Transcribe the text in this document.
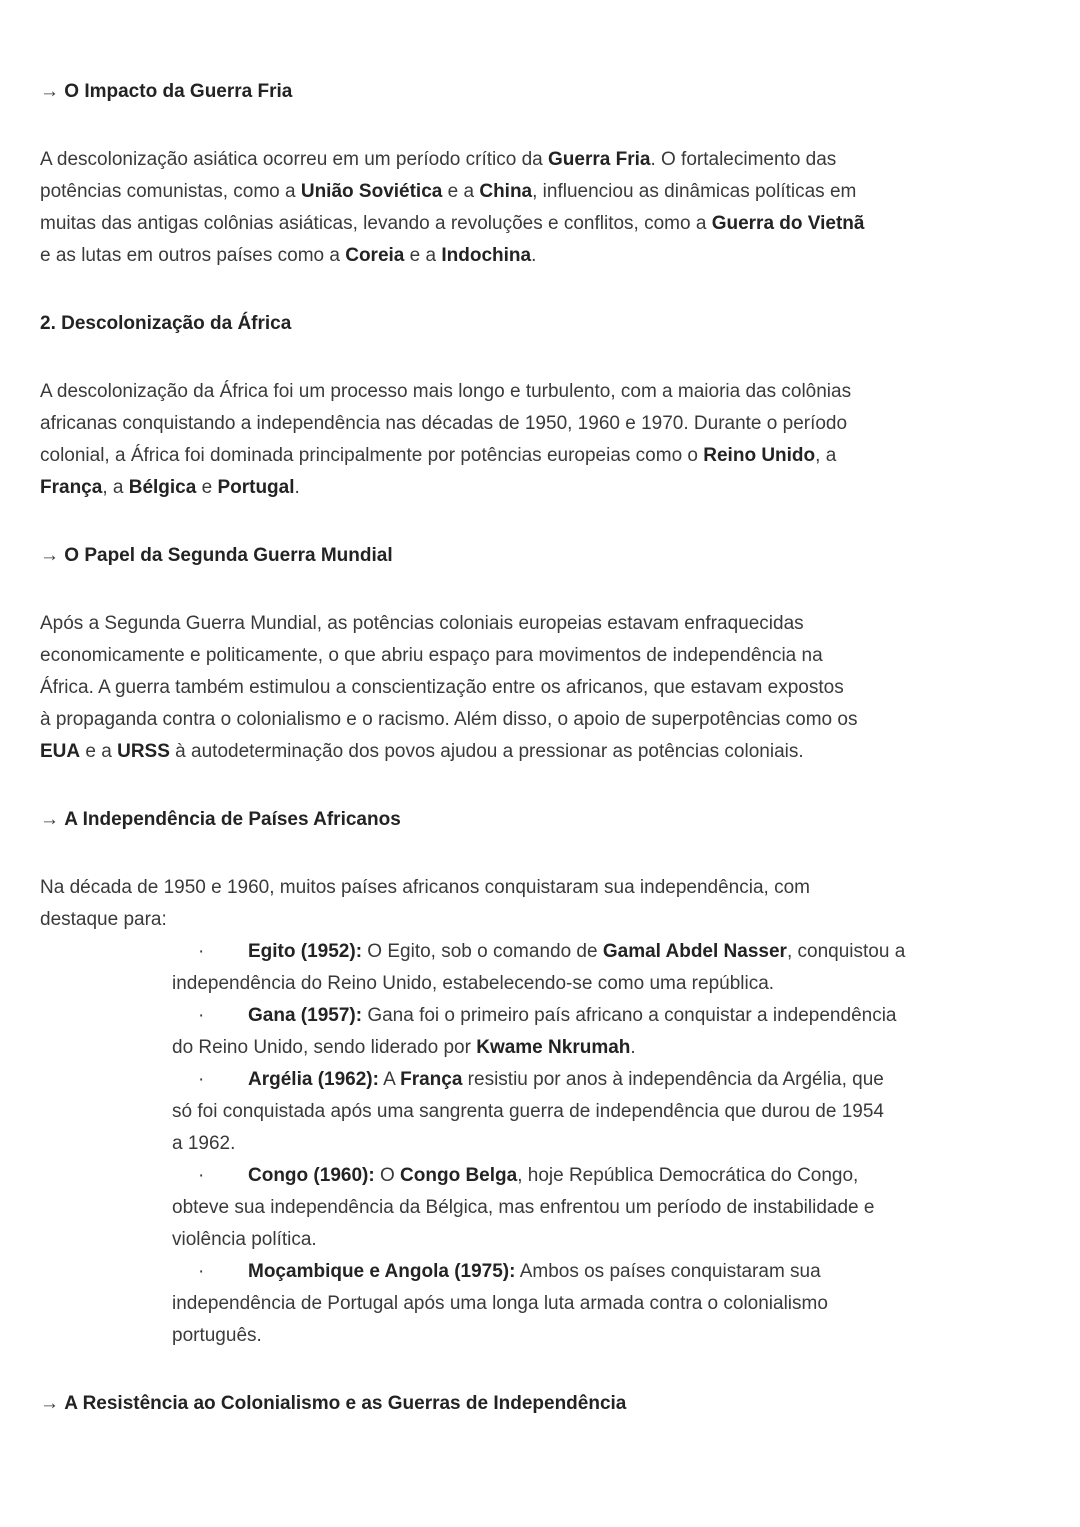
→ O Impacto da Guerra Fria
A descolonização asiática ocorreu em um período crítico da Guerra Fria. O fortalecimento das
potências comunistas, como a União Soviética e a China, influenciou as dinâmicas políticas em
muitas das antigas colônias asiáticas, levando a revoluções e conflitos, como a Guerra do Vietnã
e as lutas em outros países como a Coreia e a Indochina.
2. Descolonização da África
A descolonização da África foi um processo mais longo e turbulento, com a maioria das colônias
africanas conquistando a independência nas décadas de 1950, 1960 e 1970. Durante o período
colonial, a África foi dominada principalmente por potências europeias como o Reino Unido, a
França, a Bélgica e Portugal.
→ O Papel da Segunda Guerra Mundial
Após a Segunda Guerra Mundial, as potências coloniais europeias estavam enfraquecidas
economicamente e politicamente, o que abriu espaço para movimentos de independência na
África. A guerra também estimulou a conscientização entre os africanos, que estavam expostos
à propaganda contra o colonialismo e o racismo. Além disso, o apoio de superpotências como os
EUA e a URSS à autodeterminação dos povos ajudou a pressionar as potências coloniais.
→ A Independência de Países Africanos
Na década de 1950 e 1960, muitos países africanos conquistaram sua independência, com
destaque para:
· Egito (1952): O Egito, sob o comando de Gamal Abdel Nasser, conquistou a
independência do Reino Unido, estabelecendo-se como uma república.
· Gana (1957): Gana foi o primeiro país africano a conquistar a independência
do Reino Unido, sendo liderado por Kwame Nkrumah.
· Argélia (1962): A França resistiu por anos à independência da Argélia, que
só foi conquistada após uma sangrenta guerra de independência que durou de 1954
a 1962.
· Congo (1960): O Congo Belga, hoje República Democrática do Congo,
obteve sua independência da Bélgica, mas enfrentou um período de instabilidade e
violência política.
· Moçambique e Angola (1975): Ambos os países conquistaram sua
independência de Portugal após uma longa luta armada contra o colonialismo
português.
→ A Resistência ao Colonialismo e as Guerras de Independência
